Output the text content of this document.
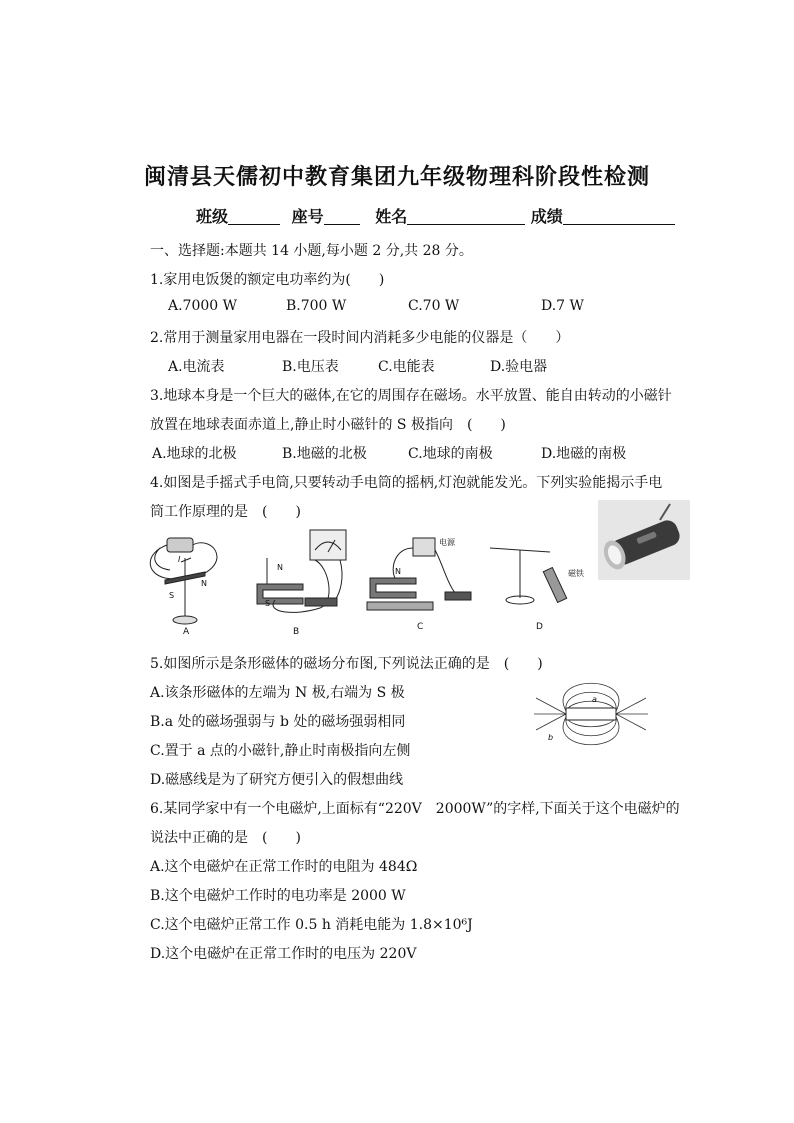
闽清县天儒初中教育集团九年级物理科阶段性检测
班级	座号	姓名	成绩
一、选择题:本题共 14 小题,每小题 2 分,共 28 分。
1.家用电饭煲的额定电功率约为(　　)
A.7000 W	B.700 W	C.70 W	D.7 W
2.常用于测量家用电器在一段时间内消耗多少电能的仪器是（　　）
A.电流表	B.电压表	C.电能表	D.验电器
3.地球本身是一个巨大的磁体,在它的周围存在磁场。水平放置、能自由转动的小磁针
放置在地球表面赤道上,静止时小磁针的 S 极指向　(　　)
A.地球的北极	B.地磁的北极	C.地球的南极	D.地磁的南极
4.如图是手摇式手电筒,只要转动手电筒的摇柄,灯泡就能发光。下列实验能揭示手电
筒工作原理的是　(　　)
I
N
S
A
N
S
B
电源
N
C
磁铁
D
5.如图所示是条形磁体的磁场分布图,下列说法正确的是　(　　)
A.该条形磁体的左端为 N 极,右端为 S 极
B.a 处的磁场强弱与 b 处的磁场强弱相同
C.置于 a 点的小磁针,静止时南极指向左侧
D.磁感线是为了研究方便引入的假想曲线
a
b
6.某同学家中有一个电磁炉,上面标有“220V　2000W”的字样,下面关于这个电磁炉的
说法中正确的是　(　　)
A.这个电磁炉在正常工作时的电阻为 484Ω
B.这个电磁炉工作时的电功率是 2000 W
C.这个电磁炉正常工作 0.5 h 消耗电能为 1.8×10⁶J
D.这个电磁炉在正常工作时的电压为 220V
